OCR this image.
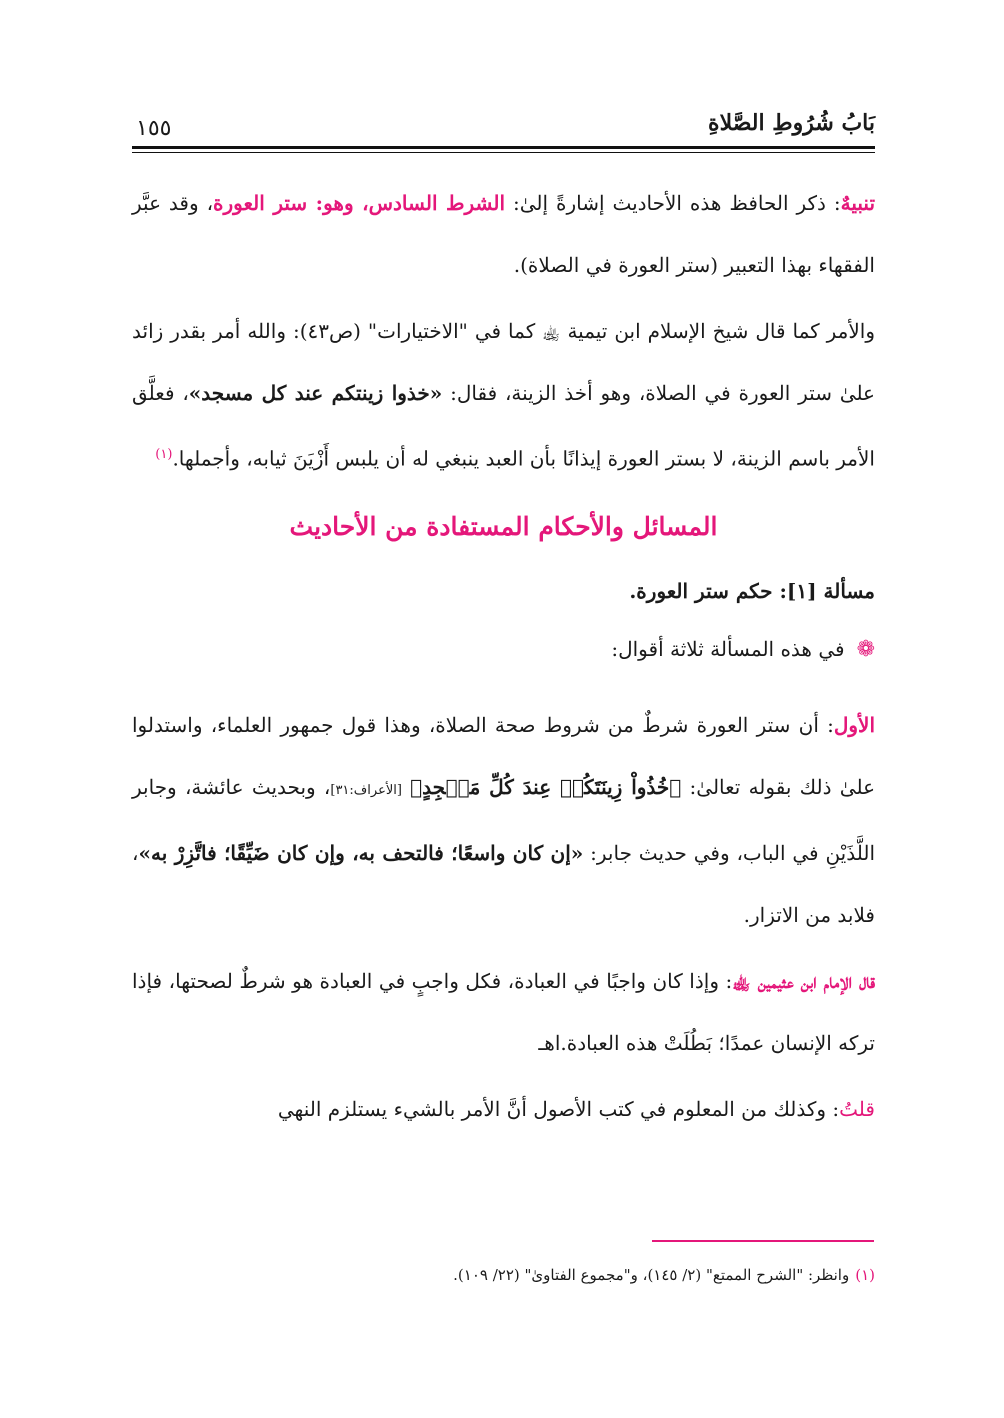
بَابُ شُرُوطِ الصَّلاةِ
١٥٥

تنبيهٌ: ذكر الحافظ هذه الأحاديث إشارةً إلىٰ: الشرط السادس، وهو: ستر العورة، وقد عبَّر الفقهاء بهذا التعبير (ستر العورة في الصلاة).

والأمر كما قال شيخ الإسلام ابن تيمية ﵀ كما في "الاختيارات" (ص٤٣): والله أمر بقدر زائد علىٰ ستر العورة في الصلاة، وهو أخذ الزينة، فقال: «خذوا زينتكم عند كل مسجد»، فعلَّق الأمر باسم الزينة، لا بستر العورة إيذانًا بأن العبد ينبغي له أن يلبس أَزْيَنَ ثيابه، وأجملها.$^{(١)}$

المسائل والأحكام المستفادة من الأحاديث
مسألة [١]: حكم ستر العورة.
❁في هذه المسألة ثلاثة أقوال:

الأول: أن ستر العورة شرطٌ من شروط صحة الصلاة، وهذا قول جمهور العلماء، واستدلوا علىٰ ذلك بقوله تعالىٰ: ﴿خُذُواْ زِينَتَكُمۡ عِندَ كُلِّ مَسۡجِدٍ﴾ [الأعراف:٣١]، وبحديث عائشة، وجابر اللَّذَيْنِ في الباب، وفي حديث جابر: «إن كان واسعًا؛ فالتحف به، وإن كان ضَيِّقًا؛ فاتَّزِرْ به»، فلابد من الاتزار.

قال الإمام ابن عثيمين ﵀: وإذا كان واجبًا في العبادة، فكل واجبٍ في العبادة هو شرطٌ لصحتها، فإذا تركه الإنسان عمدًا؛ بَطُلَتْ هذه العبادة.اهـ

قلتُ: وكذلك من المعلوم في كتب الأصول أنَّ الأمر بالشيء يستلزم النهي

(١)وانظر: "الشرح الممتع" (٢/ ١٤٥)، و"مجموع الفتاوىٰ" (٢٢/ ١٠٩).
